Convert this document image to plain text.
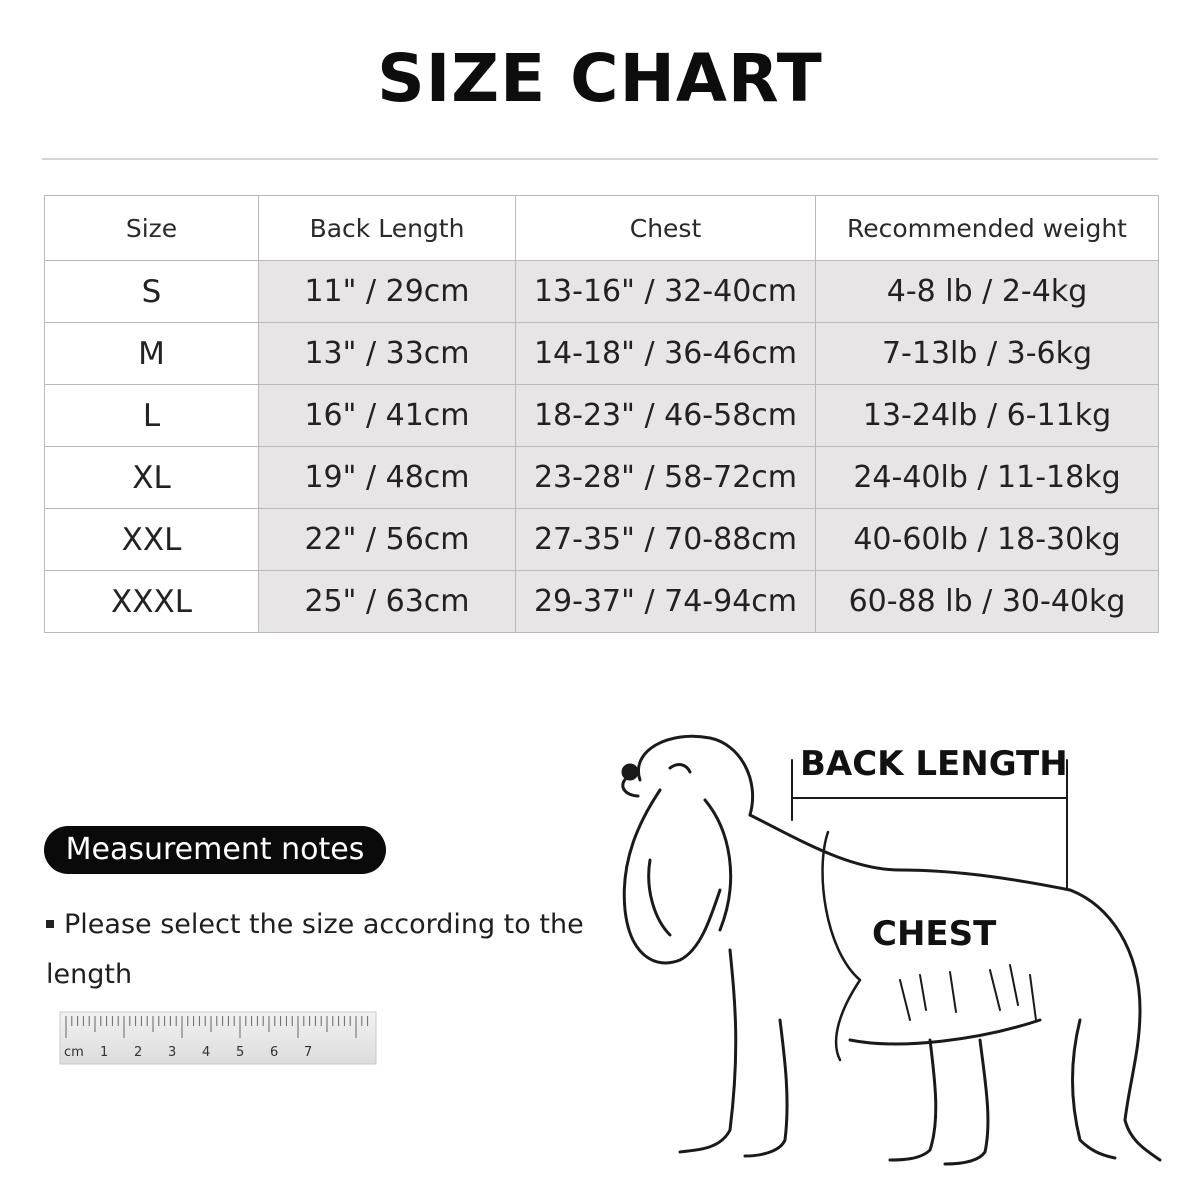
SIZE CHART
Size	Back Length	Chest	Recommended weight
S	11" / 29cm	13-16" / 32-40cm	4-8 lb / 2-4kg
M	13" / 33cm	14-18" / 36-46cm	7-13lb / 3-6kg
L	16" / 41cm	18-23" / 46-58cm	13-24lb / 6-11kg
XL	19" / 48cm	23-28" / 58-72cm	24-40lb / 11-18kg
XXL	22" / 56cm	27-35" / 70-88cm	40-60lb / 18-30kg
XXXL	25" / 63cm	29-37" / 74-94cm	60-88 lb / 30-40kg
Measurement notes
Please select the size according to the length
cm 1 2 3 4 5 6 7
BACK LENGTH
CHEST
